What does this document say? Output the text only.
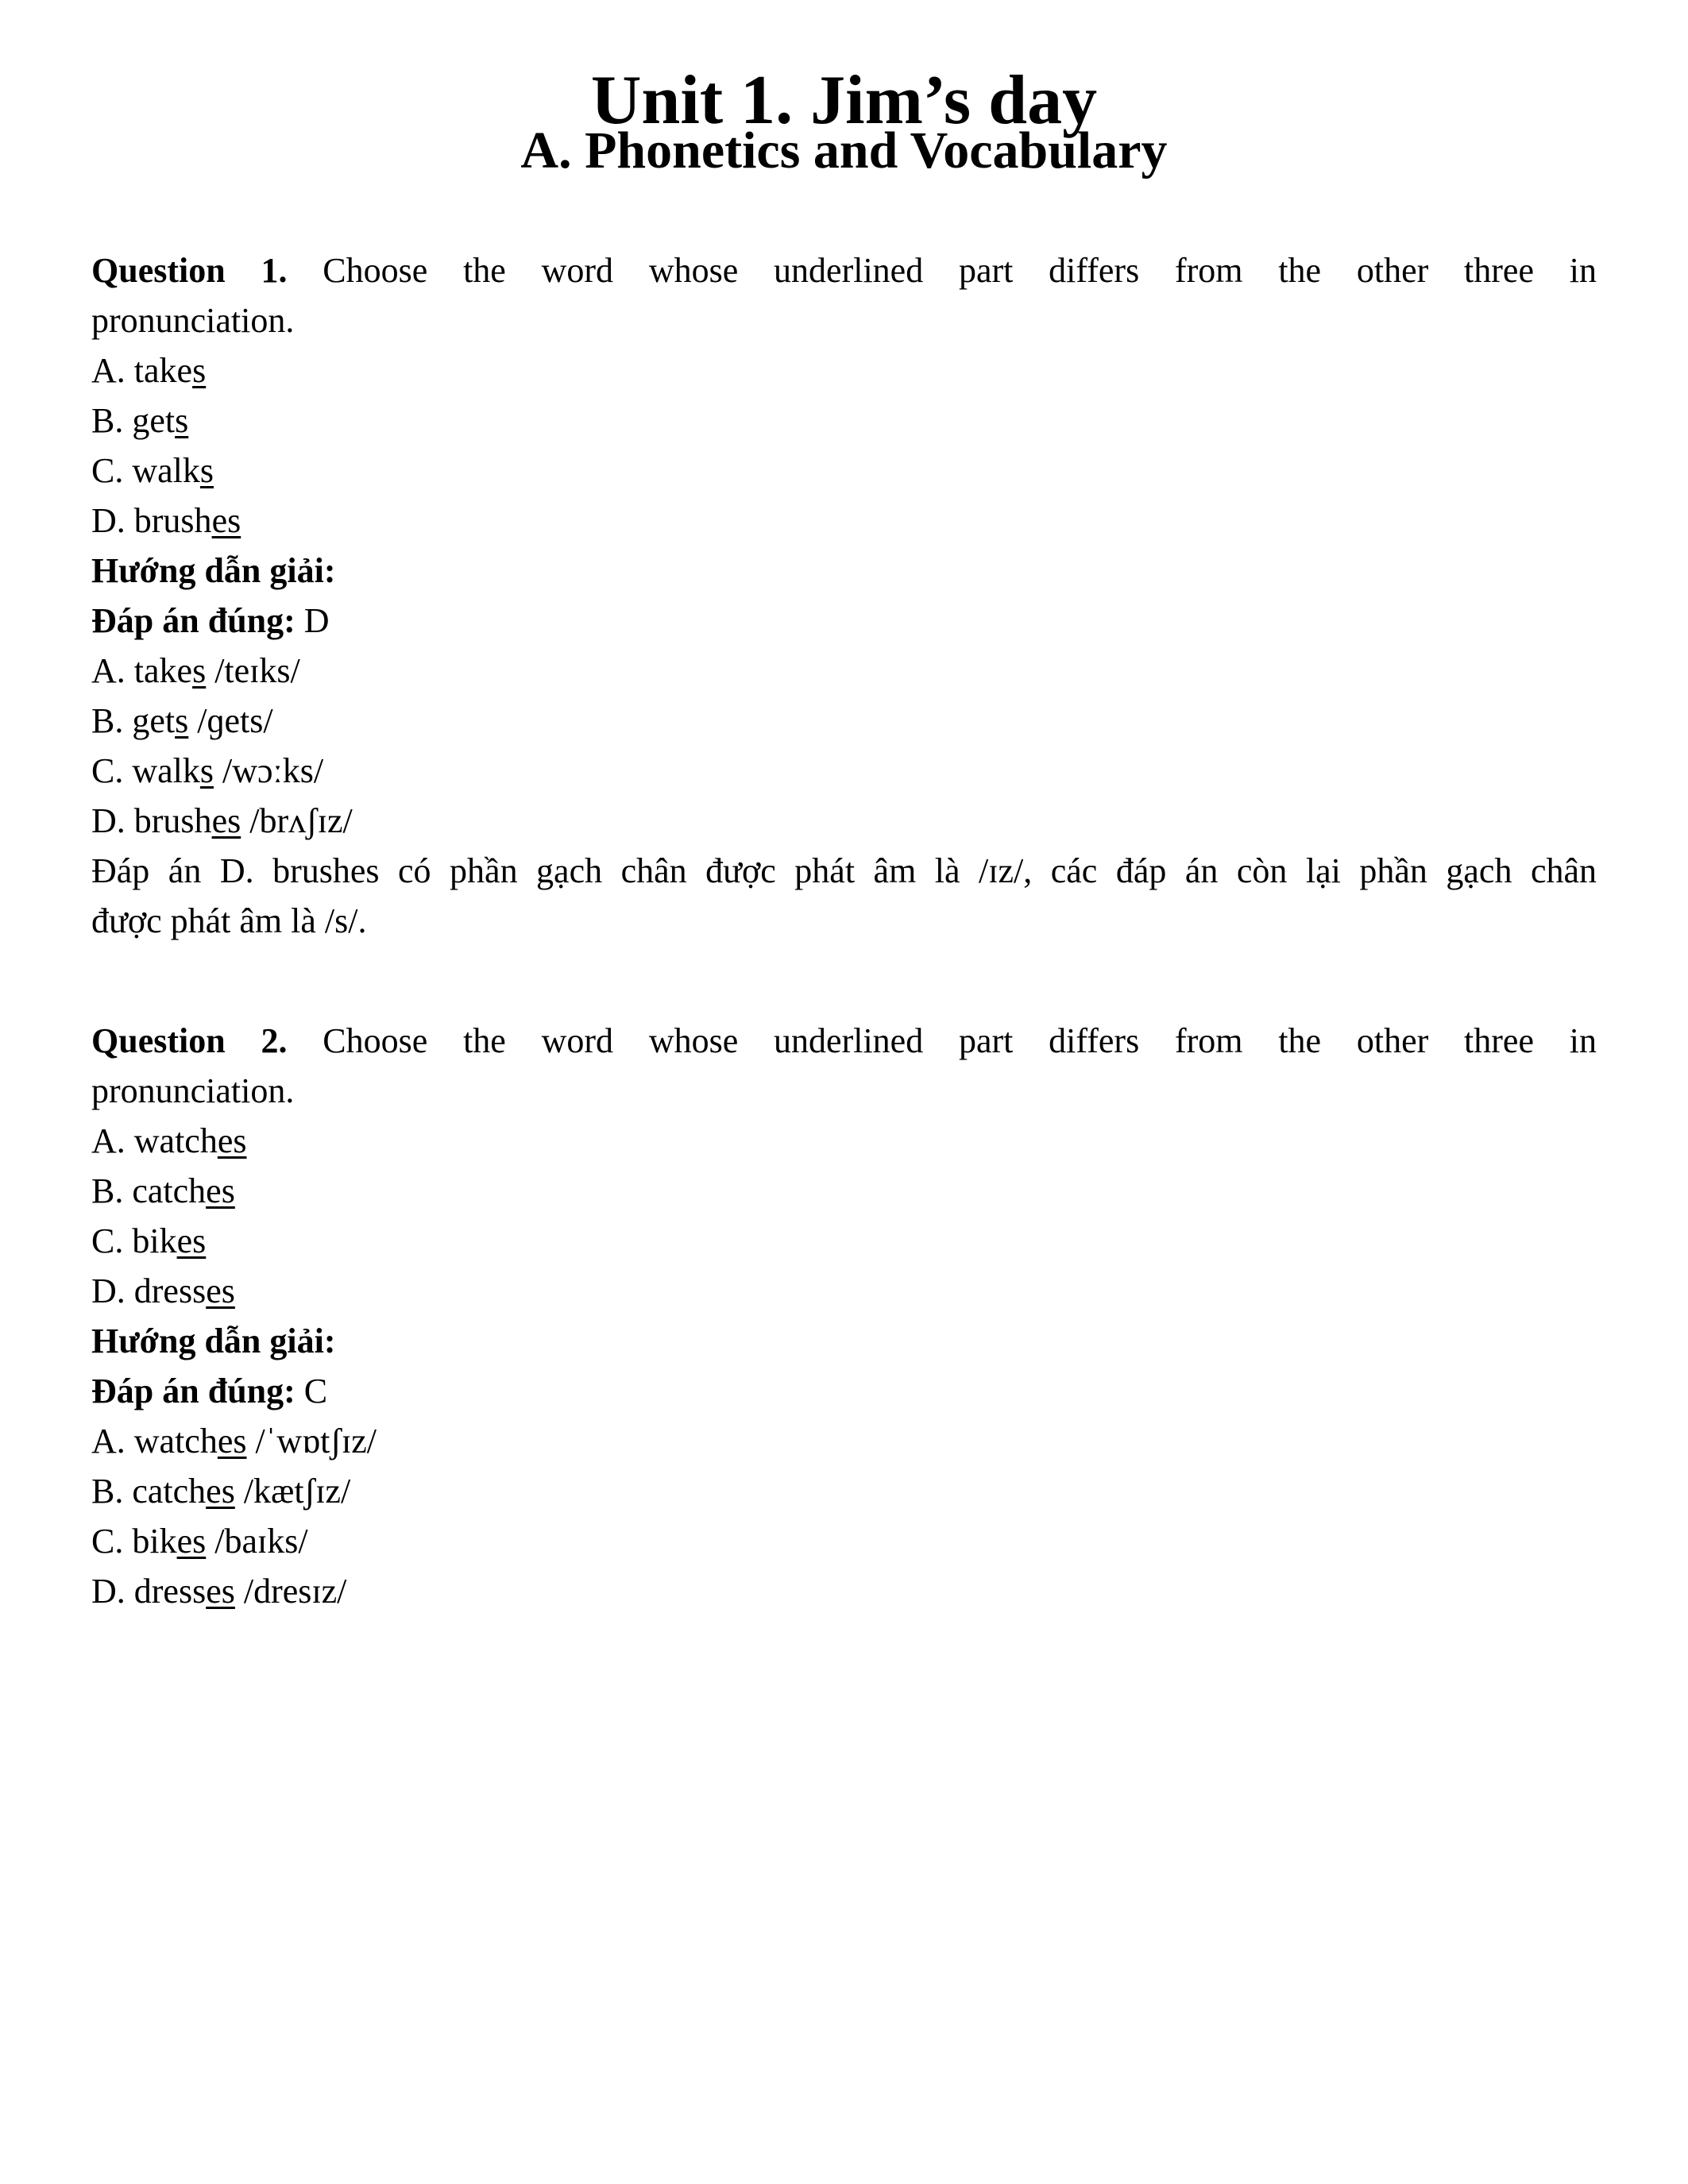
Unit 1. Jim’s day
A. Phonetics and Vocabulary

Question 1. Choose the word whose underlined part differs from the other three in

pronunciation.

A. takes

B. gets

C. walks

D. brushes

Hướng dẫn giải:

Đáp án đúng: D

A. takes /teɪks/

B. gets /ɡets/

C. walks /wɔːks/

D. brushes /brʌʃɪz/

Đáp án D. brushes có phần gạch chân được phát âm là /ɪz/, các đáp án còn lại phần gạch chân

được phát âm là /s/.

Question 2. Choose the word whose underlined part differs from the other three in

pronunciation.

A. watches

B. catches

C. bikes

D. dresses

Hướng dẫn giải:

Đáp án đúng: C

A. watches /ˈwɒtʃɪz/

B. catches /kætʃɪz/

C. bikes /baɪks/

D. dresses /dresɪz/
